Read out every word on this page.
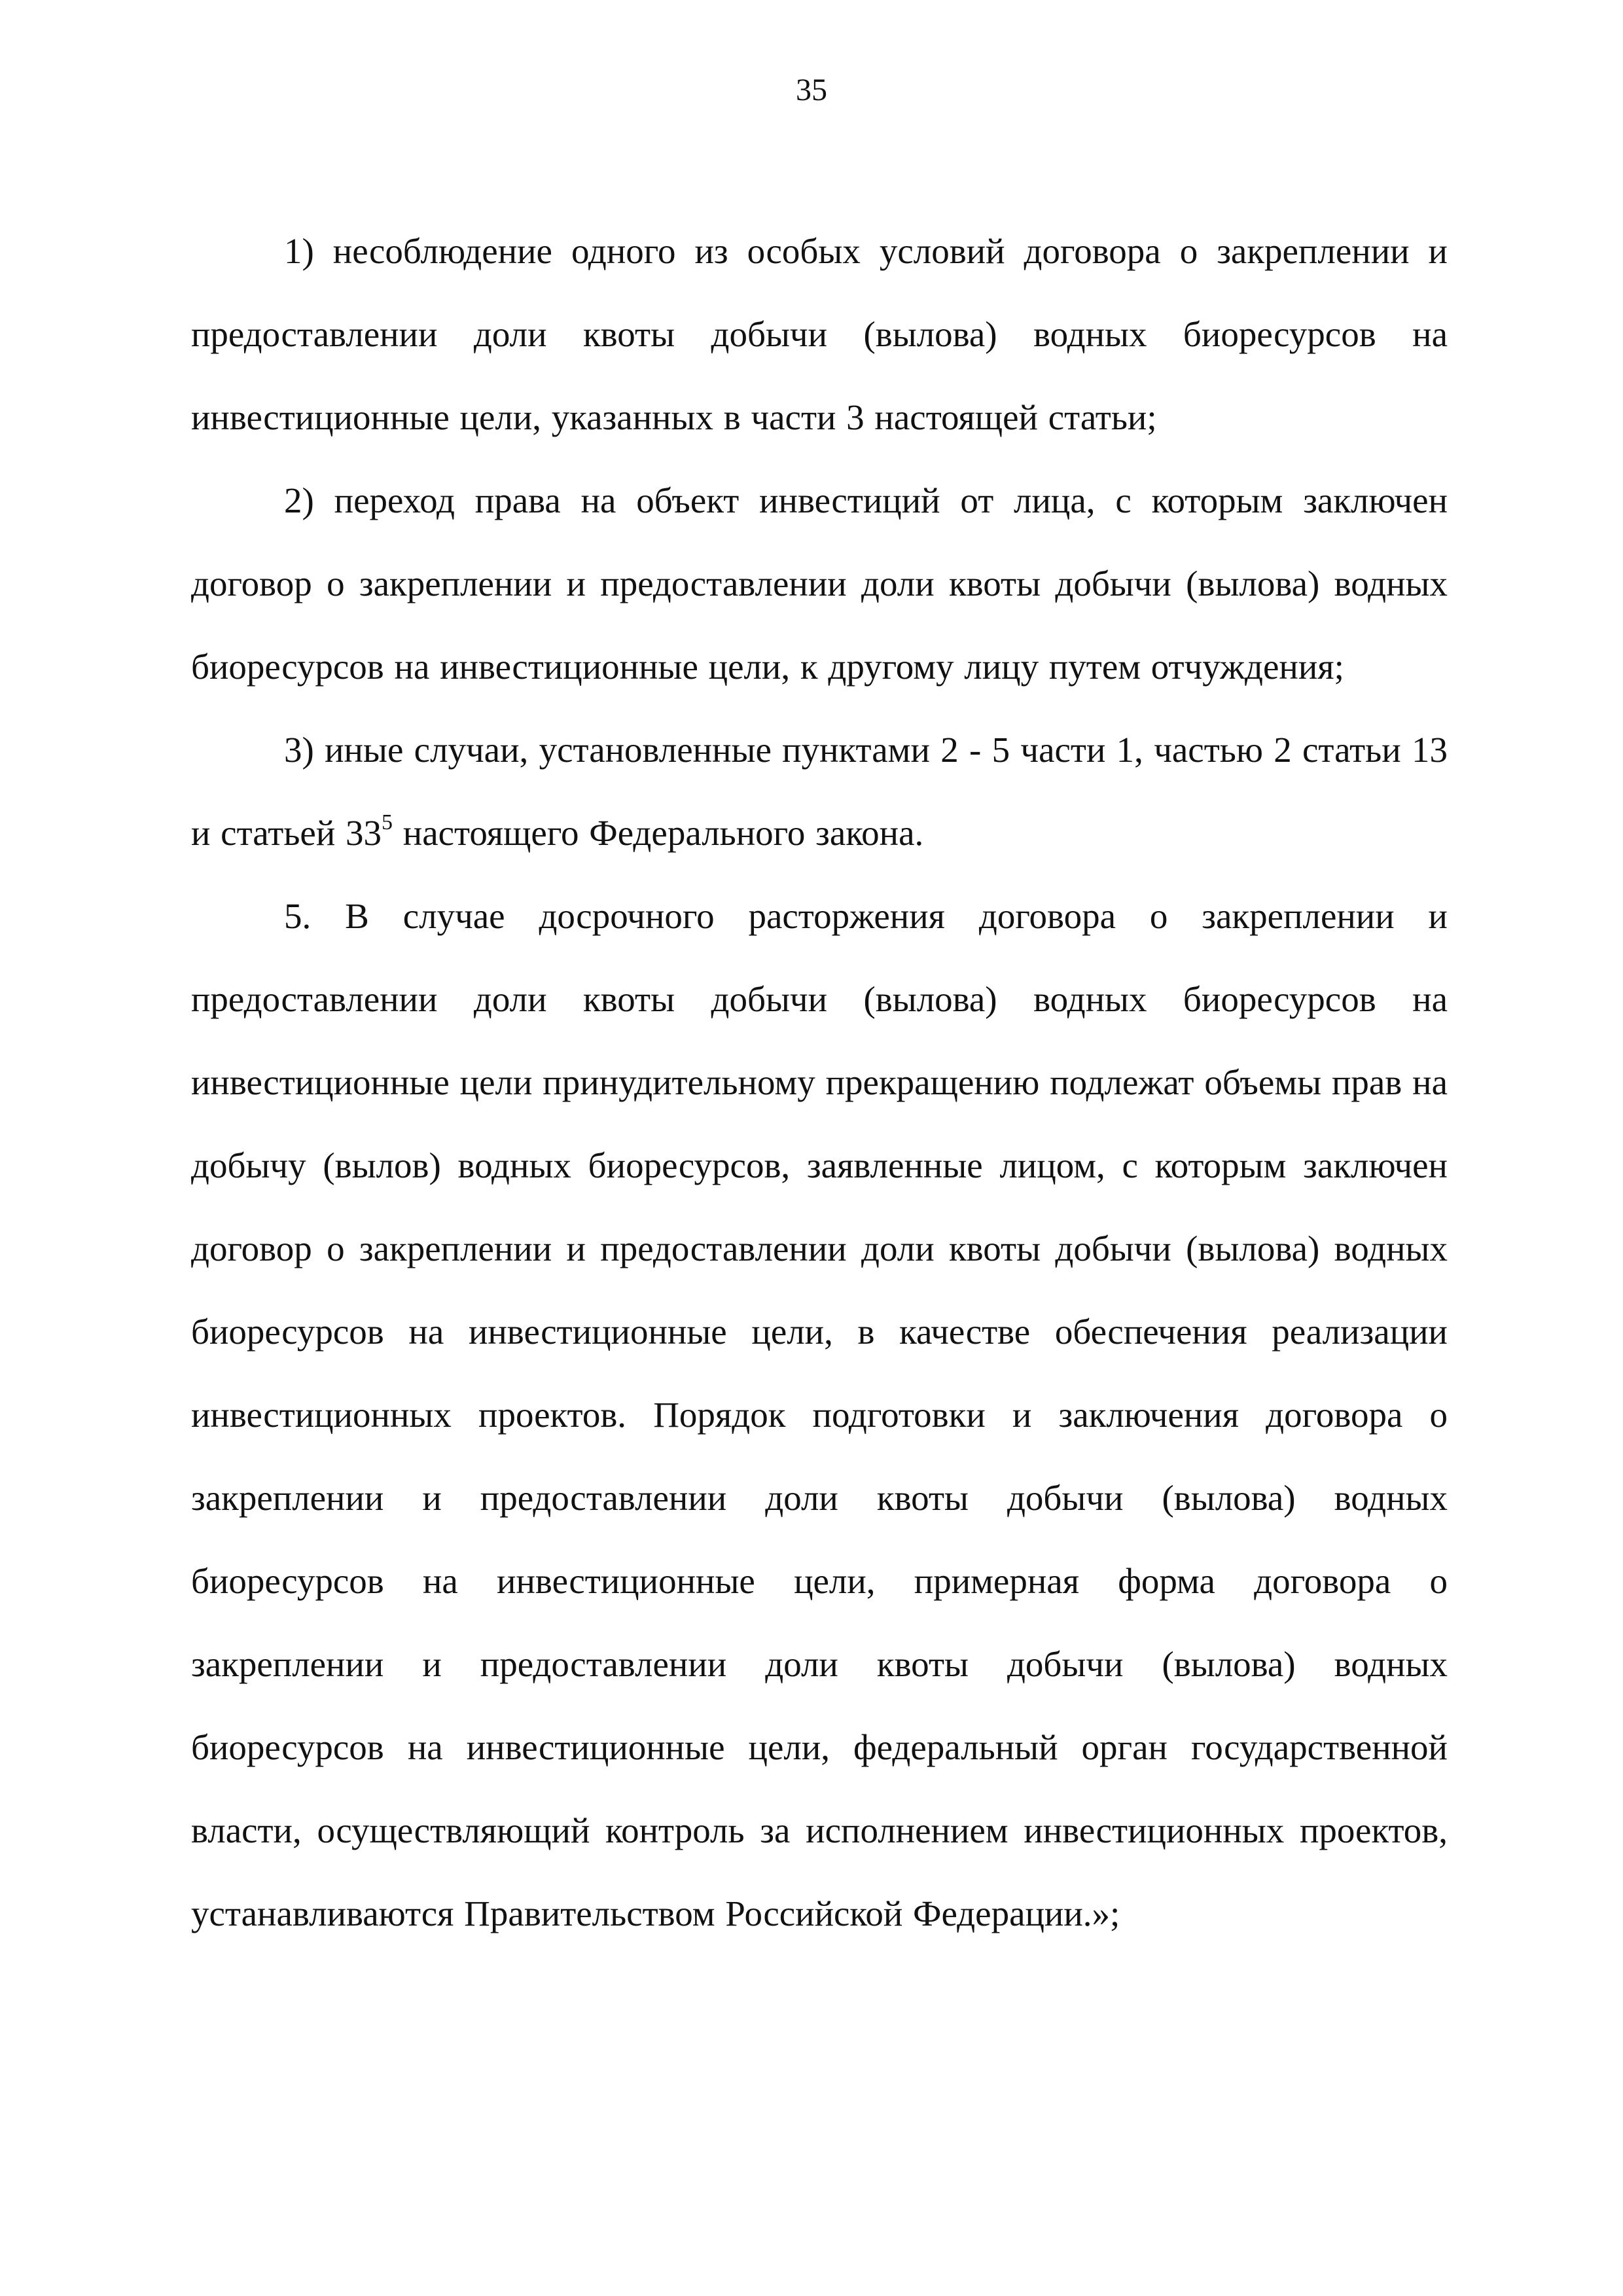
35

1) несоблюдение одного из особых условий договора о закреплении и предоставлении доли квоты добычи (вылова) водных биоресурсов на инвестиционные цели, указанных в части 3 настоящей статьи;

2) переход права на объект инвестиций от лица, с которым заключен договор о закреплении и предоставлении доли квоты добычи (вылова) водных биоресурсов на инвестиционные цели, к другому лицу путем отчуждения;

3) иные случаи, установленные пунктами 2 - 5 части 1, частью 2 статьи 13 и статьей $33^5$ настоящего Федерального закона.

5. В случае досрочного расторжения договора о закреплении и предоставлении доли квоты добычи (вылова) водных биоресурсов на инвестиционные цели принудительному прекращению подлежат объемы прав на добычу (вылов) водных биоресурсов, заявленные лицом, с которым заключен договор о закреплении и предоставлении доли квоты добычи (вылова) водных биоресурсов на инвестиционные цели, в качестве обеспечения реализации инвестиционных проектов. Порядок подготовки и заключения договора о закреплении и предоставлении доли квоты добычи (вылова) водных биоресурсов на инвестиционные цели, примерная форма договора о закреплении и предоставлении доли квоты добычи (вылова) водных биоресурсов на инвестиционные цели, федеральный орган государственной власти, осуществляющий контроль за исполнением инвестиционных проектов, устанавливаются Правительством Российской Федерации.»;
